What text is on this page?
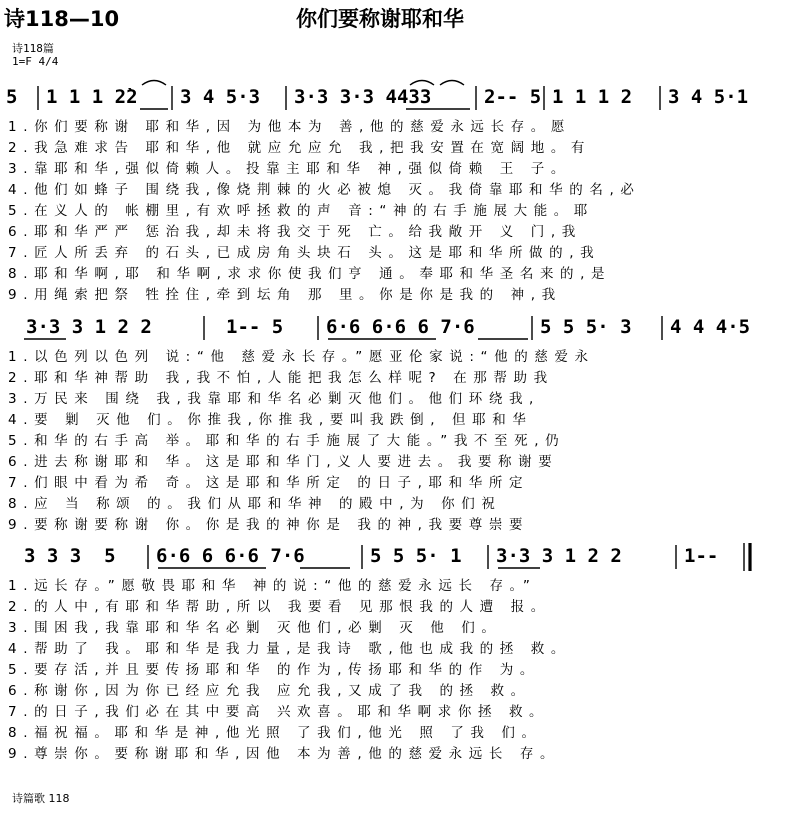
诗118—10	你们要称谢耶和华
诗118篇
1=F 4/4
5 1 1 1 2̀2 3 4 5·3 3·3 3·3 4433	2-- 5 1 1 1 2 3 4 5·1
1.你们要称谢 耶和华,因 为他本为 善,他的慈爱永远长存。愿
2.我急难求告 耶和华,他 就应允应允 我,把我安置在宽阔地。有
3.靠耶和华,强似倚赖人。投靠主耶和华 神,强似倚赖 王 子。
4.他们如蜂子 围绕我,像烧荆棘的火必被熄 灭。我倚靠耶和华的名,必
5.在义人的 帐棚里,有欢呼拯救的声 音:“神的右手施展大能。耶
6.耶和华严严 惩治我,却未将我交于死 亡。给我敞开 义 门,我
7.匠人所丢弃 的石头,已成房角头块石 头。这是耶和华所做的,我
8.耶和华啊,耶 和华啊,求求你使我们亨 通。奉耶和华圣名来的,是
9.用绳索把祭 牲拴住,牵到坛角 那 里。你是你是我的 神,我
3·3 3 1 2 2	1-- 5 6·6 6·6 6 7·6	5 5 5· 3 4 4 4·5
1.以色列以色列 说:“他 慈爱永长存。”愿亚伦家说:“他的慈爱永
2.耶和华神帮助 我,我不怕,人能把我怎么样呢? 在那帮助我
3.万民来 围绕 我,我靠耶和华名必剿灭他们。他们环绕我,
4.要 剿 灭他 们。你推我,你推我,要叫我跌倒, 但耶和华
5.和华的右手高 举。耶和华的右手施展了大能。”我不至死,仍
6.进去称谢耶和 华。这是耶和华门,义人要进去。我要称谢要
7.们眼中看为希 奇。这是耶和华所定 的日子,耶和华所定
8.应 当 称颂 的。我们从耶和华神 的殿中,为 你们祝
9.要称谢要称谢 你。你是我的神你是 我的神,我要尊崇要
3 3 3  5 6·6 6 6·6 7·6	5 5 5· 1 3·3 3 1 2 2	1--
1.远长存。”愿敬畏耶和华 神的说:“他的慈爱永远长 存。”
2.的人中,有耶和华帮助,所以 我要看 见那恨我的人遭 报。
3.围困我,我靠耶和华名必剿 灭他们,必剿 灭 他 们。
4.帮助了 我。耶和华是我力量,是我诗 歌,他也成我的拯 救。
5.要存活,并且要传扬耶和华 的作为,传扬耶和华的作 为。
6.称谢你,因为你已经应允我 应允我,又成了我 的拯 救。
7.的日子,我们必在其中要高 兴欢喜。耶和华啊求你拯 救。
8.福祝福。耶和华是神,他光照 了我们,他光 照 了我 们。
9.尊崇你。要称谢耶和华,因他 本为善,他的慈爱永远长 存。
诗篇歌 118
